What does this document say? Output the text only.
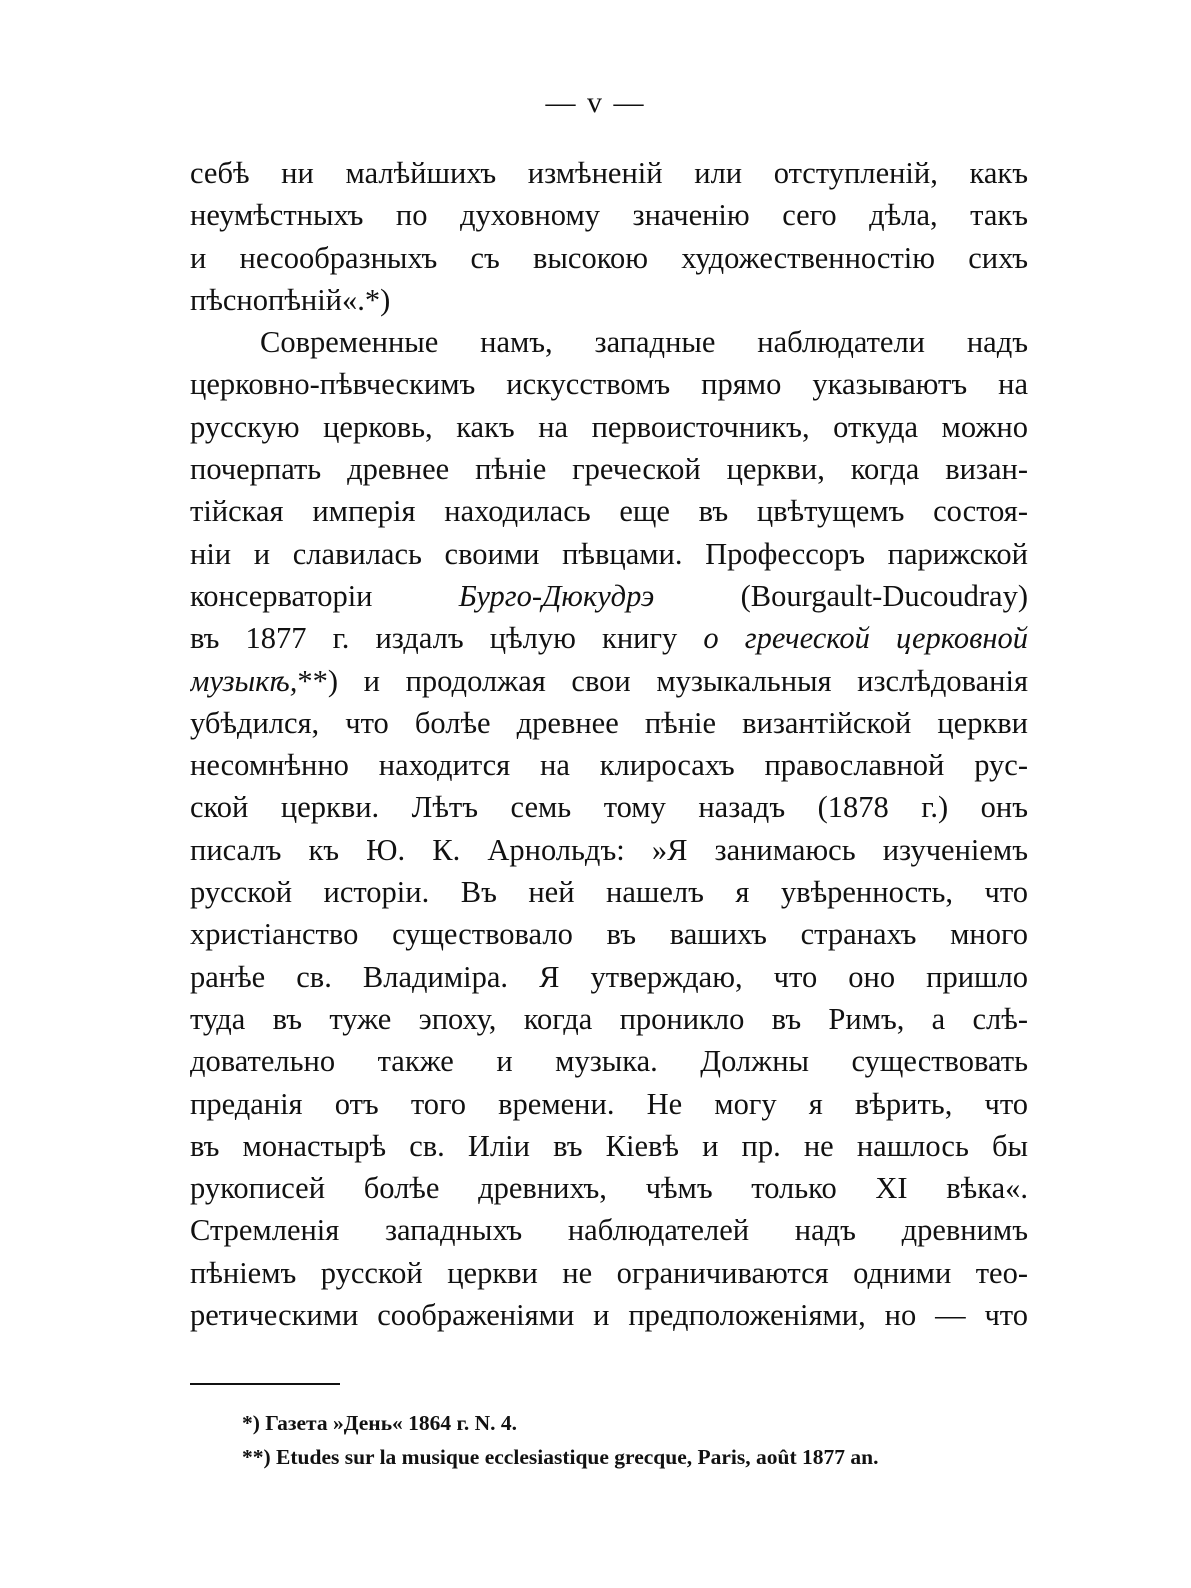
— v —
себѣ ни малѣйшихъ измѣненій или отступленій, какъ
неумѣстныхъ по духовному значенію сего дѣла, такъ
и несообразныхъ съ высокою художественностію сихъ
пѣснопѣній«.*)
Современные намъ, западные наблюдатели надъ
церковно-пѣвческимъ искусствомъ прямо указываютъ на
русскую церковь, какъ на первоисточникъ, откуда можно
почерпать древнее пѣніе греческой церкви, когда визан-
тійская имперія находилась еще въ цвѣтущемъ состоя-
ніи и славилась своими пѣвцами. Профессоръ парижской
консерваторіи Бурго-Дюкудрэ (Bourgault-Ducoudray)
въ 1877 г. издалъ цѣлую книгу о греческой церковной
музыкѣ,**) и продолжая свои музыкальныя изслѣдованія
убѣдился, что болѣе древнее пѣніе византійской церкви
несомнѣнно находится на клиросахъ православной рус-
ской церкви. Лѣтъ семь тому назадъ (1878 г.) онъ
писалъ къ Ю. К. Арнольдъ: »Я занимаюсь изученіемъ
русской исторіи. Въ ней нашелъ я увѣренность, что
христіанство существовало въ вашихъ странахъ много
ранѣе св. Владиміра. Я утверждаю, что оно пришло
туда въ туже эпоху, когда проникло въ Римъ, а слѣ-
довательно также и музыка. Должны существовать
преданія отъ того времени. Не могу я вѣрить, что
въ монастырѣ св. Иліи въ Кіевѣ и пр. не нашлось бы
рукописей болѣе древнихъ, чѣмъ только XI вѣка«.
Стремленія западныхъ наблюдателей надъ древнимъ
пѣніемъ русской церкви не ограничиваются одними тео-
ретическими соображеніями и предположеніями, но — что
*) Газета »День« 1864 г. N. 4.
**) Etudes sur la musique ecclesiastique grecque, Paris, août 1877 an.
